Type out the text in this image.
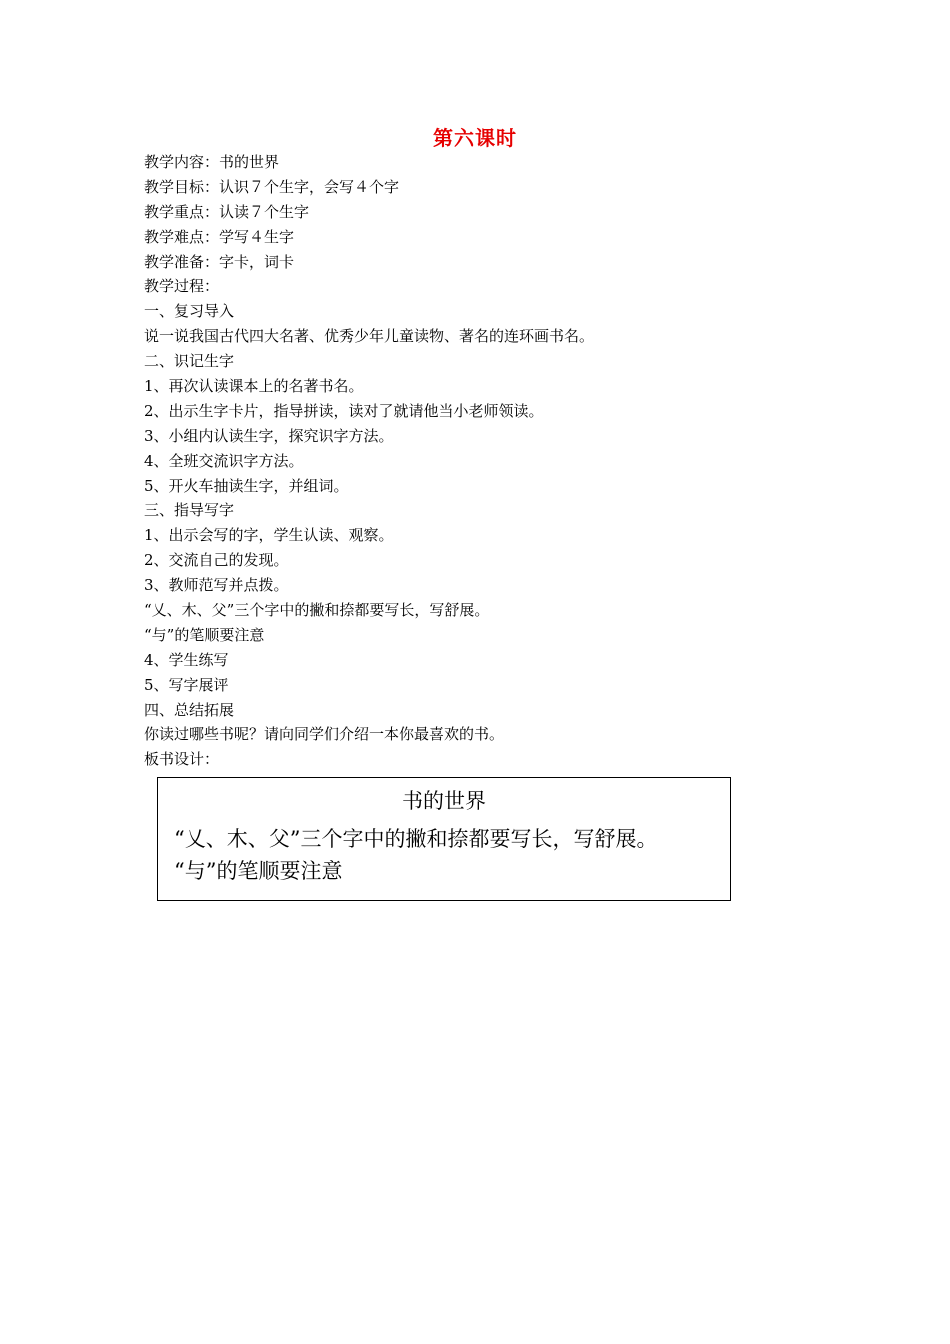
第六课时
教学内容：书的世界
教学目标：认识７个生字，会写４个字
教学重点：认读７个生字
教学难点：学写４生字
教学准备：字卡，词卡
教学过程：
一、复习导入
说一说我国古代四大名著、优秀少年儿童读物、著名的连环画书名。
二、识记生字
1、再次认读课本上的名著书名。
2、出示生字卡片，指导拼读，读对了就请他当小老师领读。
3、小组内认读生字，探究识字方法。
4、全班交流识字方法。
5、开火车抽读生字，并组词。
三、指导写字
1、出示会写的字，学生认读、观察。
2、交流自己的发现。
3、教师范写并点拨。
“乂、木、父”三个字中的撇和捺都要写长，写舒展。
“与”的笔顺要注意
4、学生练写
5、写字展评
四、总结拓展
你读过哪些书呢？请向同学们介绍一本你最喜欢的书。
板书设计：
书的世界
“乂、木、父”三个字中的撇和捺都要写长，写舒展。
“与”的笔顺要注意
